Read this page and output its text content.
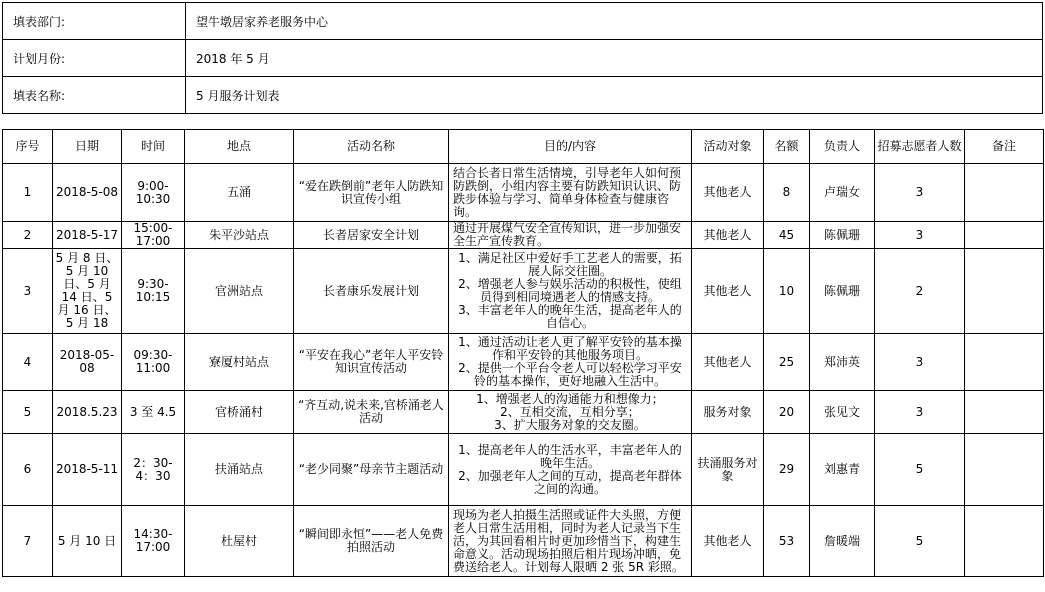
填表部门:	望牛墩居家养老服务中心
计划月份:	2018 年 5 月
填表名称:	5 月服务计划表
序号	日期	时间	地点	活动名称	目的/内容	活动对象	名额	负责人	招募志愿者人数	备注
1	2018-5-08	9:00-10:30	五涌	“爱在跌倒前”老年人防跌知识宣传小组	结合长者日常生活情境，引导老年人如何预防跌倒，小组内容主要有防跌知识认识、防跌步体验与学习、简单身体检查与健康咨询。	其他老人	8	卢瑞女	3	
2	2018-5-17	15:00-17:00	朱平沙站点	长者居家安全计划	通过开展煤气安全宣传知识，进一步加强安全生产宣传教育。	其他老人	45	陈佩珊	3	
3	5 月 8 日、5 月 10 日、5 月 14 日、5 月 16 日、5 月 18	9:30-10:15	官洲站点	长者康乐发展计划	1、满足社区中爱好手工艺老人的需要，拓展人际交往圈。
2、增强老人参与娱乐活动的积极性，使组员得到相同境遇老人的情感支持。
3、丰富老年人的晚年生活，提高老年人的自信心。	其他老人	10	陈佩珊	2	
4	2018-05-08	09:30-11:00	寮厦村站点	“平安在我心”老年人平安铃知识宣传活动	1、通过活动让老人更了解平安铃的基本操作和平安铃的其他服务项目。
2、提供一个平台令老人可以轻松学习平安铃的基本操作，更好地融入生活中。	其他老人	25	郑沛英	3	
5	2018.5.23	3 至 4.5	官桥涌村	“齐互动,说未来,官桥涌老人活动	1、增强老人的沟通能力和想像力；
2、互相交流，互相分享；
3、扩大服务对象的交友圈。	服务对象	20	张见文	3	
6	2018-5-11	2：30-4：30	扶涌站点	“老少同聚”母亲节主题活动	1、提高老年人的生活水平，丰富老年人的晚年生活。
2、加强老年人之间的互动，提高老年群体之间的沟通。	扶涌服务对象	29	刘惠青	5	
7	5 月 10 日	14:30-17:00	杜屋村	“瞬间即永恒”——老人免费拍照活动	现场为老人拍摄生活照或证件大头照，方便老人日常生活用相，同时为老人记录当下生活，为其回看相片时更加珍惜当下，构建生命意义。活动现场拍照后相片现场冲晒，免费送给老人。计划每人限晒 2 张 5R 彩照。	其他老人	53	詹暖端	5	
